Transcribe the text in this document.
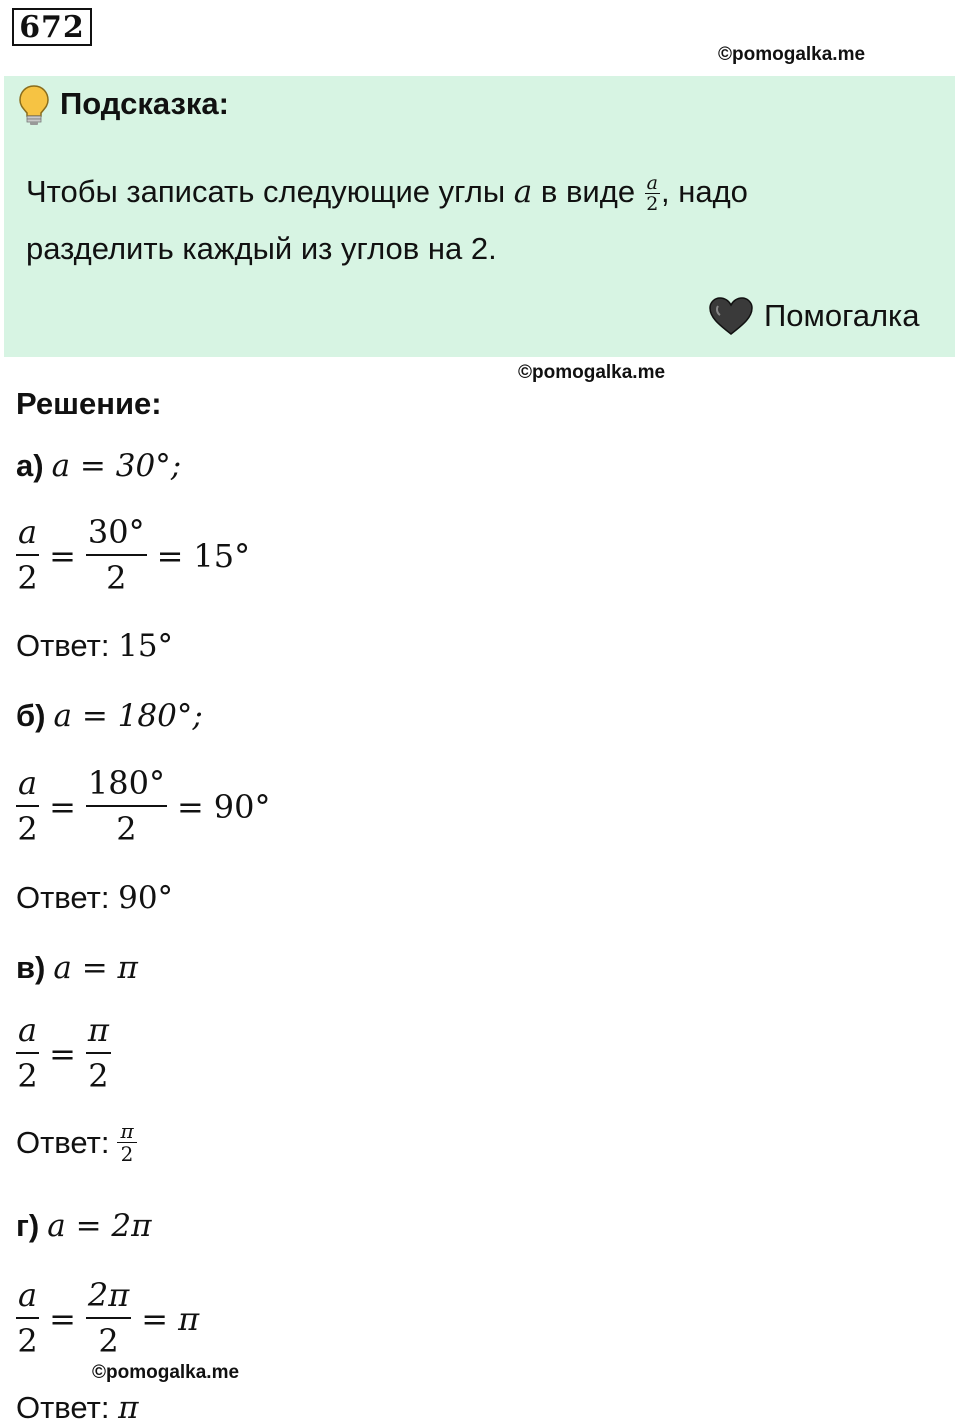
672
©pomogalka.me
Подсказка:
Чтобы записать следующие углы a в виде $\frac{a}{2}$ , надо
разделить каждый из углов на 2.
Помогалка
©pomogalka.me
Решение:
а) a = 30°;
$\frac{a}{2} = \frac{30^\circ}{2} = 15^\circ$
Ответ:
15°
б) a = 180°;
$\frac{a}{2} = \frac{180^\circ}{2} = 90^\circ$
Ответ:
90°
в) a = π
$\frac{a}{2} = \frac{\pi}{2}$
Ответ: $\frac{\pi}{2}$
г) a = 2π
$\frac{a}{2} = \frac{2\pi}{2} = \pi$
©pomogalka.me
Ответ:
π
